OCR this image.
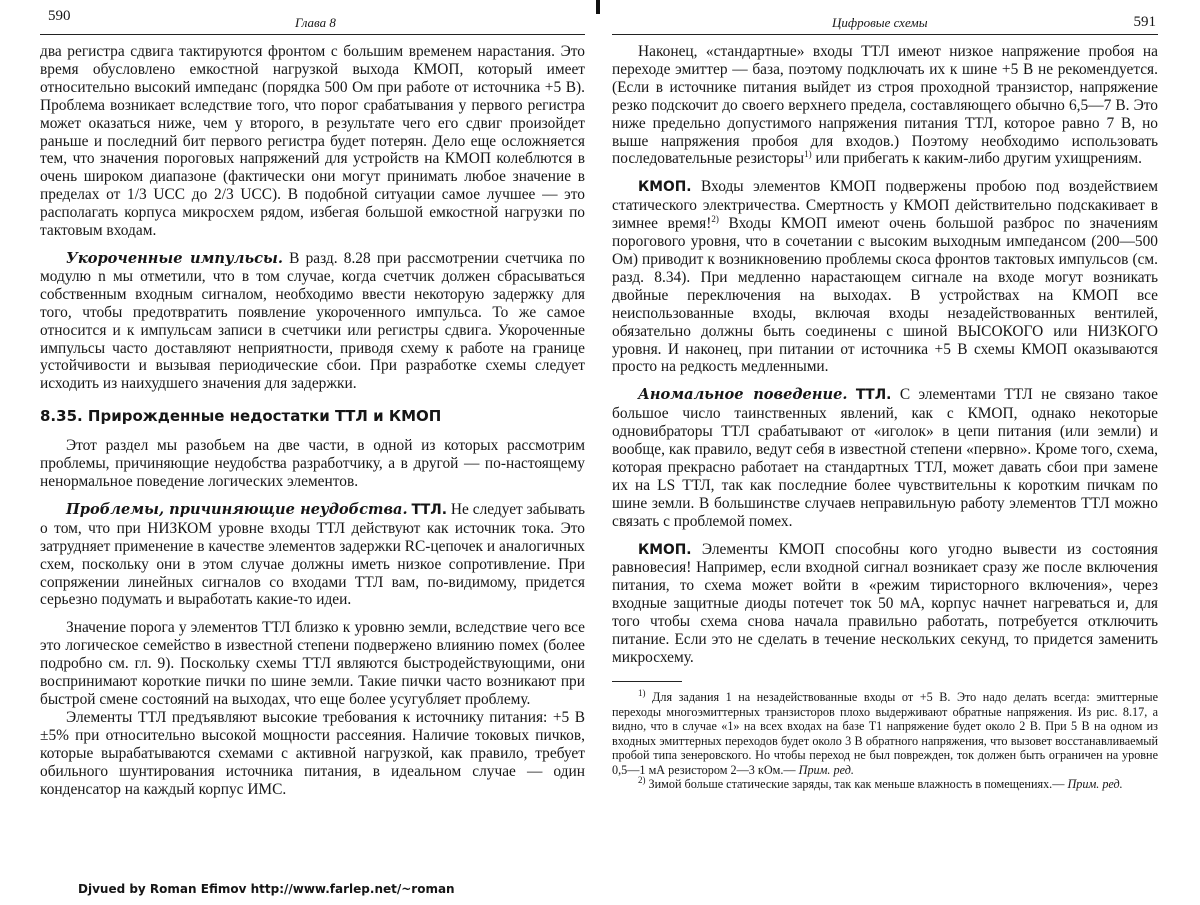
590	Глава 8

два регистра сдвига тактируются фронтом с большим временем нарастания. Это время обусловлено емкостной нагрузкой выхода КМОП, который имеет относительно высокий импеданс (порядка 500 Ом при работе от источника +5 В). Проблема возникает вследствие того, что порог срабатывания у первого регистра может оказаться ниже, чем у второго, в результате чего его сдвиг произойдет раньше и последний бит первого регистра будет потерян. Дело еще осложняется тем, что значения пороговых напряжений для устройств на КМОП колеблются в очень широком диапазоне (фактически они могут принимать любое значение в пределах от 1/3 UCC до 2/3 UCC). В подобной ситуации самое лучшее — это располагать корпуса микросхем рядом, избегая большой емкостной нагрузки по тактовым входам.

Укороченные импульсы. В разд. 8.28 при рассмотрении счетчика по модулю n мы отметили, что в том случае, когда счетчик должен сбрасываться собственным входным сигналом, необходимо ввести некоторую задержку для того, чтобы предотвратить появление укороченного импульса. То же самое относится и к импульсам записи в счетчики или регистры сдвига. Укороченные импульсы часто доставляют неприятности, приводя схему к работе на границе устойчивости и вызывая периодические сбои. При разработке схемы следует исходить из наихудшего значения для задержки.

8.35. Прирожденные недостатки ТТЛ и КМОП

Этот раздел мы разобьем на две части, в одной из которых рассмотрим проблемы, причиняющие неудобства разработчику, а в другой — по-настоящему ненормальное поведение логических элементов.

Проблемы, причиняющие неудобства. ТТЛ. Не следует забывать о том, что при НИЗКОМ уровне входы ТТЛ действуют как источник тока. Это затрудняет применение в качестве элементов задержки RC-цепочек и аналогичных схем, поскольку они в этом случае должны иметь низкое сопротивление. При сопряжении линейных сигналов со входами ТТЛ вам, по-видимому, придется серьезно подумать и выработать какие-то идеи.

Значение порога у элементов ТТЛ близко к уровню земли, вследствие чего все это логическое семейство в известной степени подвержено влиянию помех (более подробно см. гл. 9). Поскольку схемы ТТЛ являются быстродействующими, они воспринимают короткие пички по шине земли. Такие пички часто возникают при быстрой смене состояний на выходах, что еще более усугубляет проблему.

Элементы ТТЛ предъявляют высокие требования к источнику питания: +5 В ±5% при относительно высокой мощности рассеяния. Наличие токовых пичков, которые вырабатываются схемами с активной нагрузкой, как правило, требует обильного шунтирования источника питания, в идеальном случае — один конденсатор на каждый корпус ИМС.

Цифровые схемы	591

Наконец, «стандартные» входы ТТЛ имеют низкое напряжение пробоя на переходе эмиттер — база, поэтому подключать их к шине +5 В не рекомендуется. (Если в источнике питания выйдет из строя проходной транзистор, напряжение резко подскочит до своего верхнего предела, составляющего обычно 6,5—7 В. Это ниже предельно допустимого напряжения питания ТТЛ, которое равно 7 В, но выше напряжения пробоя для входов.) Поэтому необходимо использовать последовательные резисторы$^{1)}$ или прибегать к каким-либо другим ухищрениям.

КМОП. Входы элементов КМОП подвержены пробою под воздействием статического электричества. Смертность у КМОП действительно подскакивает в зимнее время!$^{2)}$ Входы КМОП имеют очень большой разброс по значениям порогового уровня, что в сочетании с высоким выходным импедансом (200—500 Ом) приводит к возникновению проблемы скоса фронтов тактовых импульсов (см. разд. 8.34). При медленно нарастающем сигнале на входе могут возникать двойные переключения на выходах. В устройствах на КМОП все неиспользованные входы, включая входы незадействованных вентилей, обязательно должны быть соединены с шиной ВЫСОКОГО или НИЗКОГО уровня. И наконец, при питании от источника +5 В схемы КМОП оказываются просто на редкость медленными.

Аномальное поведение. ТТЛ. С элементами ТТЛ не связано такое большое число таинственных явлений, как с КМОП, однако некоторые одновибраторы ТТЛ срабатывают от «иголок» в цепи питания (или земли) и вообще, как правило, ведут себя в известной степени «первно». Кроме того, схема, которая прекрасно работает на стандартных ТТЛ, может давать сбои при замене их на LS ТТЛ, так как последние более чувствительны к коротким пичкам по шине земли. В большинстве случаев неправильную работу элементов ТТЛ можно связать с проблемой помех.

КМОП. Элементы КМОП способны кого угодно вывести из состояния равновесия! Например, если входной сигнал возникает сразу же после включения питания, то схема может войти в «режим тиристорного включения», через входные защитные диоды потечет ток 50 мА, корпус начнет нагреваться и, для того чтобы схема снова начала правильно работать, потребуется отключить питание. Если это не сделать в течение нескольких секунд, то придется заменить микросхему.

$^{1)}$ Для задания 1 на незадействованные входы от +5 В. Это надо делать всегда: эмиттерные переходы многоэмиттерных транзисторов плохо выдерживают обратные напряжения. Из рис. 8.17, а видно, что в случае «1» на всех входах на базе T1 напряжение будет около 2 В. При 5 В на одном из входных эмиттерных переходов будет около 3 В обратного напряжения, что вызовет восстанавливаемый пробой типа зенеровского. Но чтобы переход не был поврежден, ток должен быть ограничен на уровне 0,5—1 мА резистором 2—3 кОм.— Прим. ред.

$^{2)}$ Зимой больше статические заряды, так как меньше влажность в помещениях.— Прим. ред.

Djvued by Roman Efimov http://www.farlep.net/~roman
